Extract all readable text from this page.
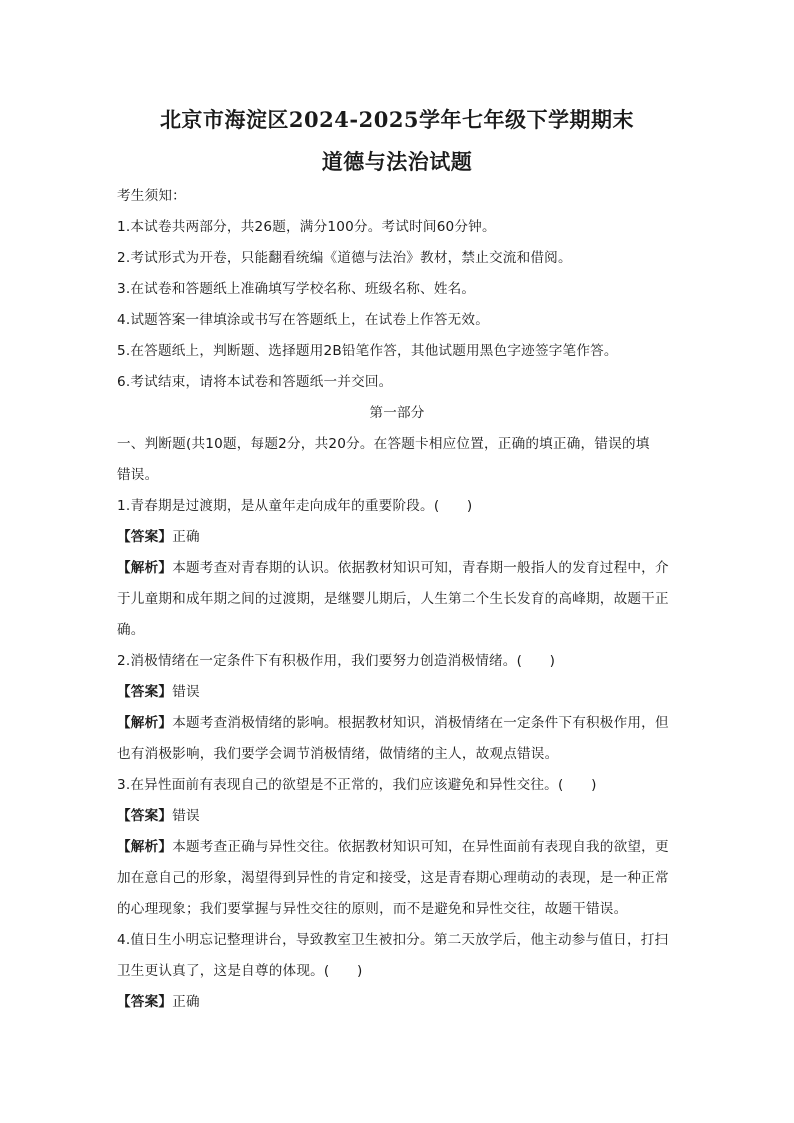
北京市海淀区2024-2025学年七年级下学期期末
道德与法治试题
考生须知：
1.本试卷共两部分，共26题，满分100分。考试时间60分钟。
2.考试形式为开卷，只能翻看统编《道德与法治》教材，禁止交流和借阅。
3.在试卷和答题纸上准确填写学校名称、班级名称、姓名。
4.试题答案一律填涂或书写在答题纸上，在试卷上作答无效。
5.在答题纸上，判断题、选择题用2B铅笔作答，其他试题用黑色字迹签字笔作答。
6.考试结束，请将本试卷和答题纸一并交回。
第一部分
一、判断题(共10题，每题2分，共20分。在答题卡相应位置，正确的填正确，错误的填
错误。
1.青春期是过渡期，是从童年走向成年的重要阶段。(　　)
【答案】正确
【解析】本题考查对青春期的认识。依据教材知识可知，青春期一般指人的发育过程中，介
于儿童期和成年期之间的过渡期，是继婴儿期后，人生第二个生长发育的高峰期，故题干正
确。
2.消极情绪在一定条件下有积极作用，我们要努力创造消极情绪。(　　)
【答案】错误
【解析】本题考查消极情绪的影响。根据教材知识，消极情绪在一定条件下有积极作用，但
也有消极影响，我们要学会调节消极情绪，做情绪的主人，故观点错误。
3.在异性面前有表现自己的欲望是不正常的，我们应该避免和异性交往。(　　)
【答案】错误
【解析】本题考查正确与异性交往。依据教材知识可知，在异性面前有表现自我的欲望，更
加在意自己的形象，渴望得到异性的肯定和接受，这是青春期心理萌动的表现，是一种正常
的心理现象；我们要掌握与异性交往的原则，而不是避免和异性交往，故题干错误。
4.值日生小明忘记整理讲台，导致教室卫生被扣分。第二天放学后，他主动参与值日，打扫
卫生更认真了，这是自尊的体现。(　　)
【答案】正确
